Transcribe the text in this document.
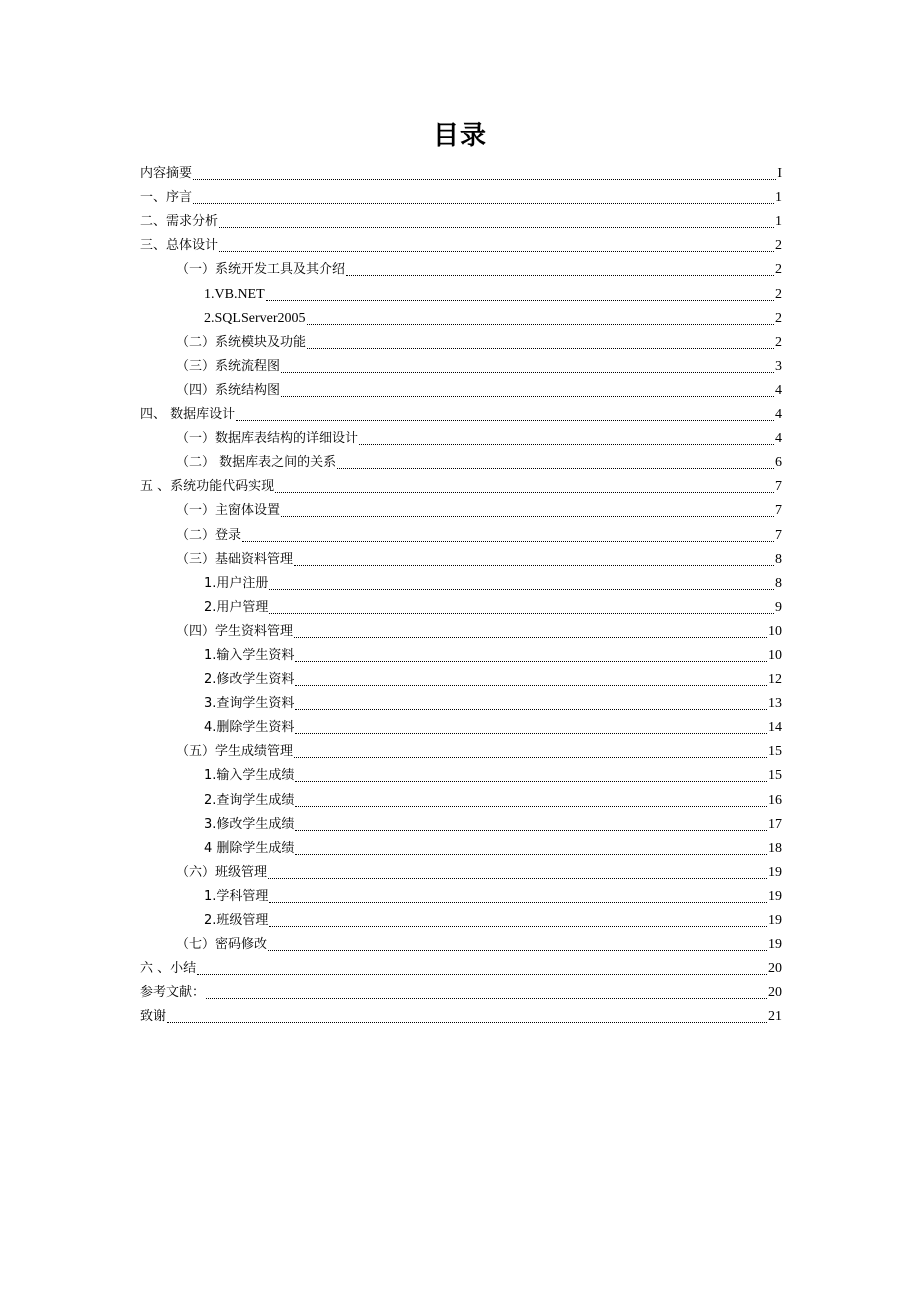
目录
内容摘要	I
一、序言	1
二、需求分析	1
三、总体设计	2
（一）系统开发工具及其介绍	2
1.VB.NET	2
2.SQLServer2005	2
（二）系统模块及功能	2
（三）系统流程图	3
（四）系统结构图	4
四、 数据库设计	4
（一）数据库表结构的详细设计	4
（二） 数据库表之间的关系	6
五 、系统功能代码实现	7
（一）主窗体设置	7
（二）登录	7
（三）基础资料管理	8
1.用户注册	8
2.用户管理	9
（四）学生资料管理	10
1.输入学生资料	10
2.修改学生资料	12
3.查询学生资料	13
4.删除学生资料	14
（五）学生成绩管理	15
1.输入学生成绩	15
2.查询学生成绩	16
3.修改学生成绩	17
4 删除学生成绩	18
（六）班级管理	19
1.学科管理	19
2.班级管理	19
（七）密码修改	19
六 、小结	20
参考文献：	20
致谢	21
